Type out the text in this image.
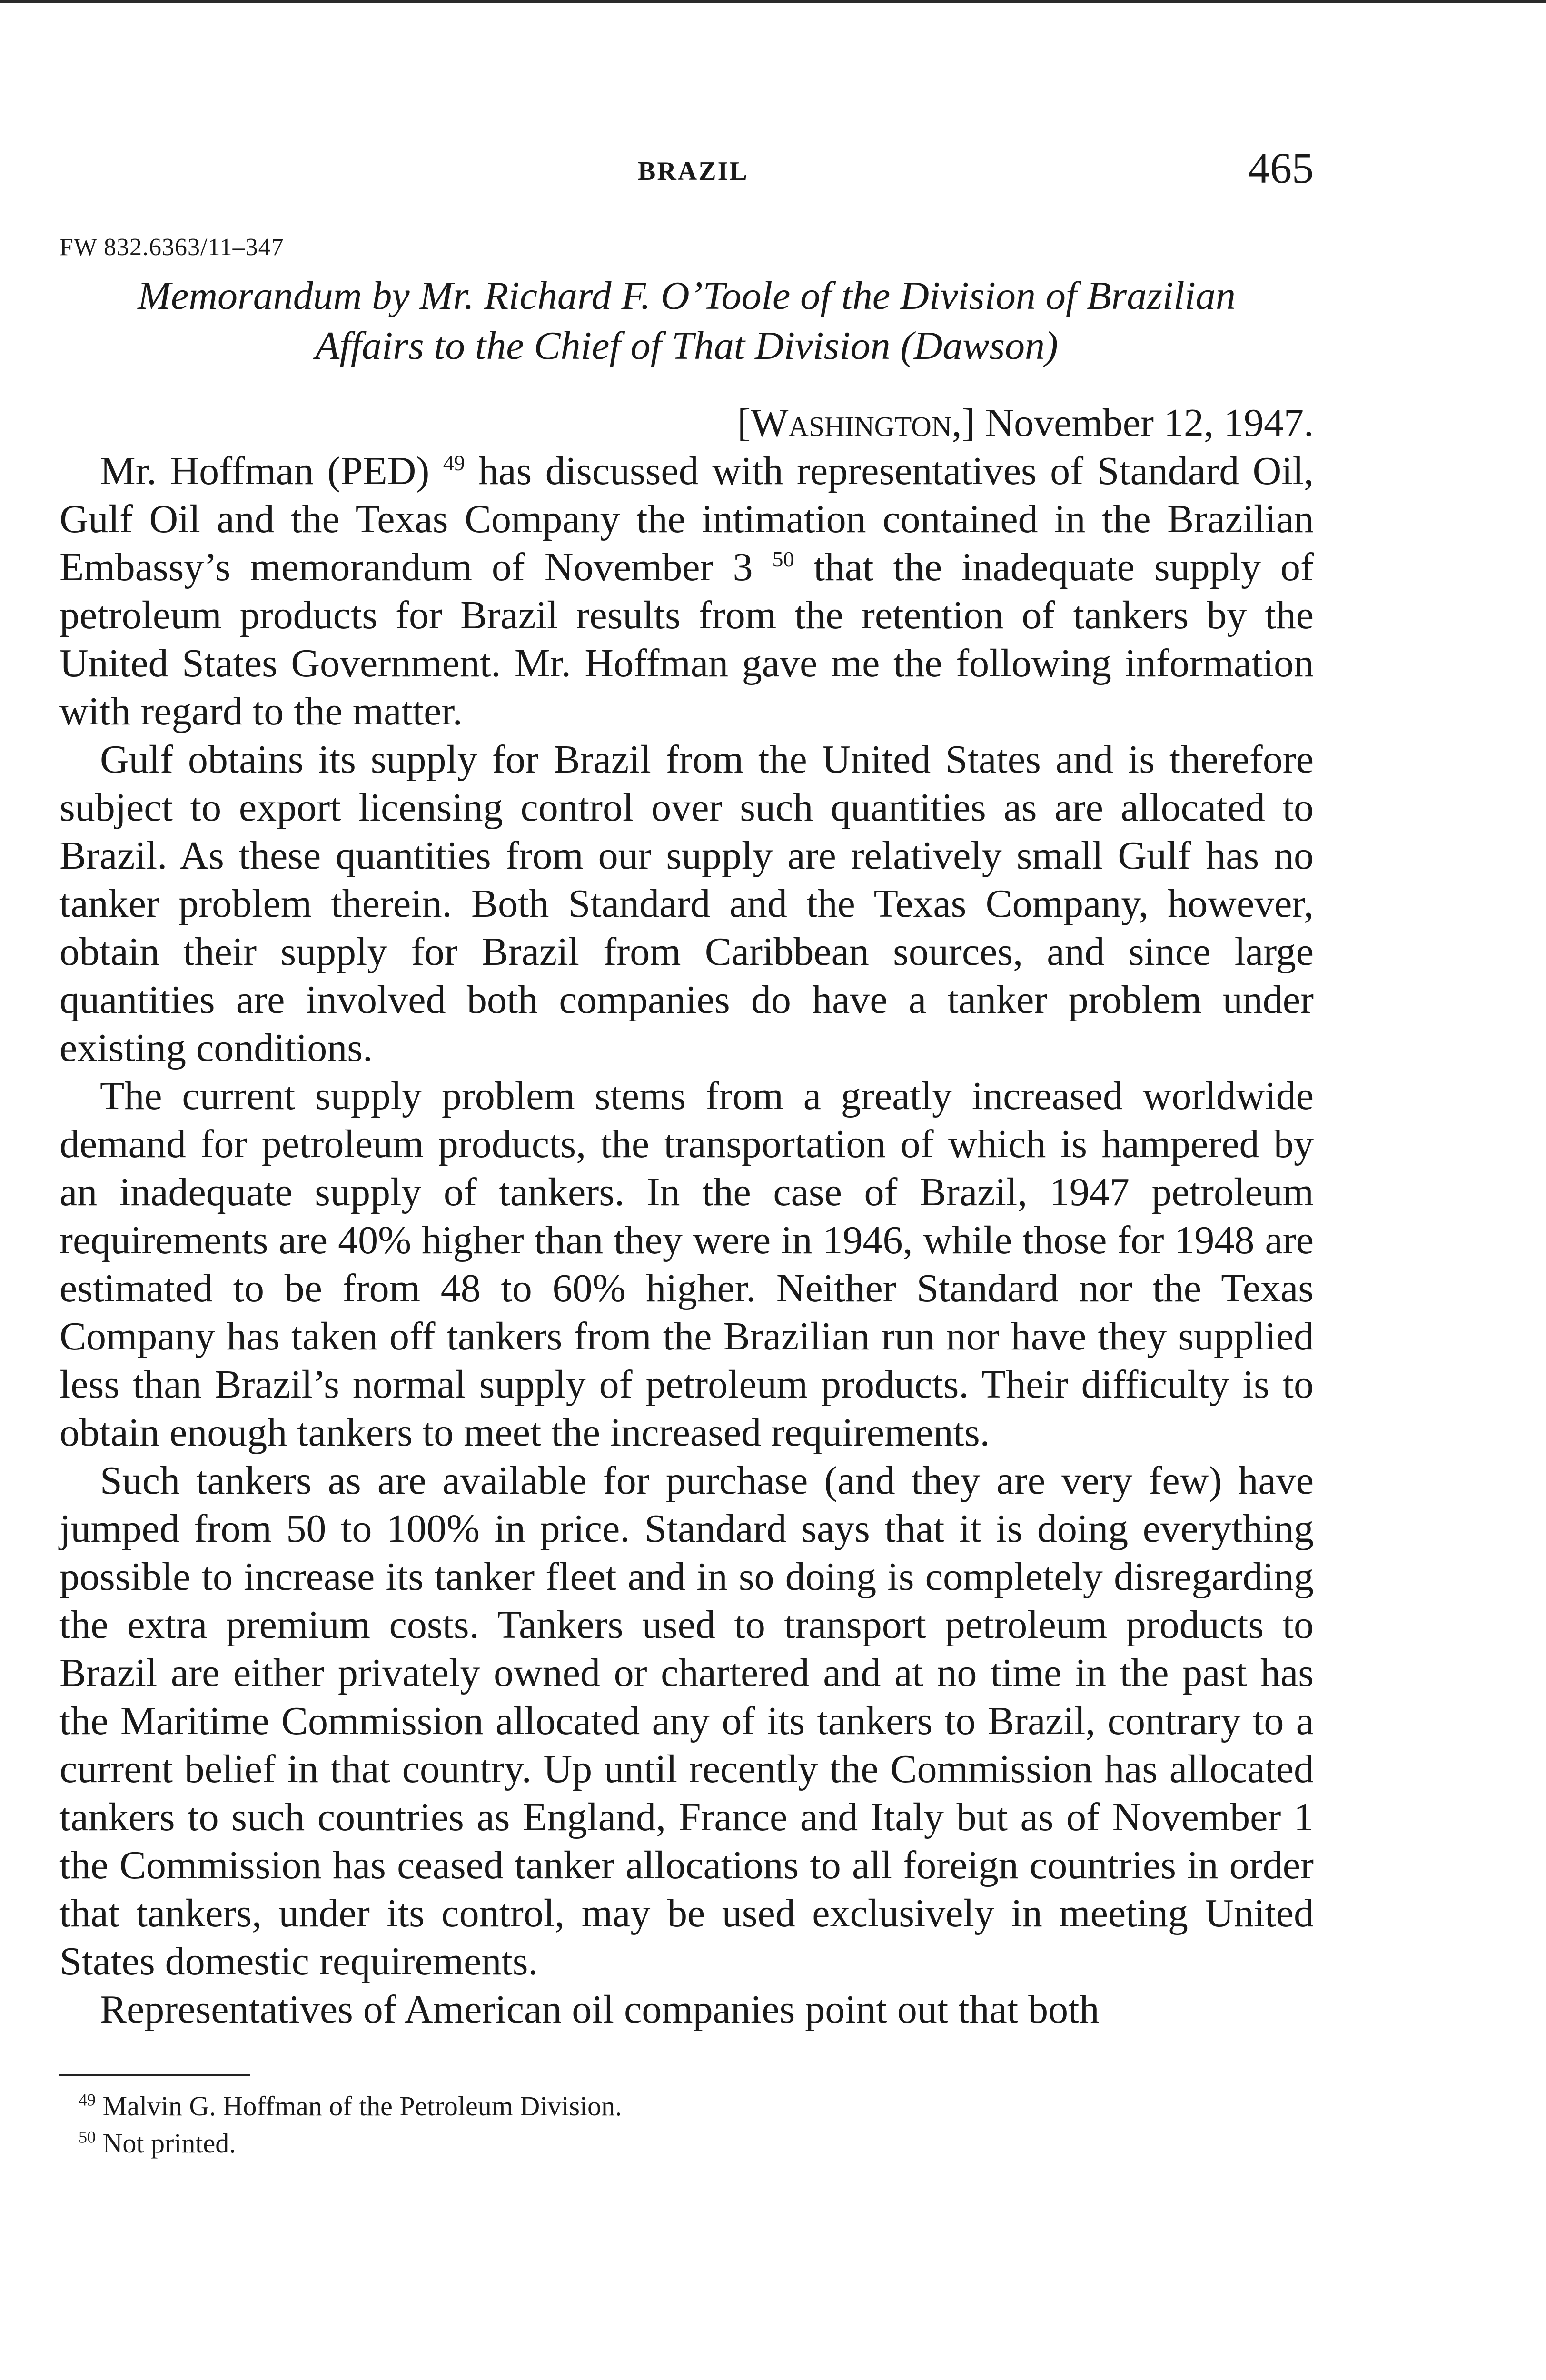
BRAZIL	465
FW 832.6363/11–347
Memorandum by Mr. Richard F. O’Toole of the Division of Brazilian
Affairs to the Chief of That Division (Dawson)
[Washington,] November 12, 1947.

Mr. Hoffman (PED) $^{49}$ has discussed with representatives of Standard Oil, Gulf Oil and the Texas Company the intimation contained in the Brazilian Embassy’s memorandum of November 3 $^{50}$ that the inadequate supply of petroleum products for Brazil results from the retention of tankers by the United States Government. Mr. Hoffman gave me the following information with regard to the matter.

Gulf obtains its supply for Brazil from the United States and is therefore subject to export licensing control over such quantities as are allocated to Brazil. As these quantities from our supply are relatively small Gulf has no tanker problem therein. Both Standard and the Texas Company, however, obtain their supply for Brazil from Caribbean sources, and since large quantities are involved both companies do have a tanker problem under existing conditions.

The current supply problem stems from a greatly increased worldwide demand for petroleum products, the transportation of which is hampered by an inadequate supply of tankers. In the case of Brazil, 1947 petroleum requirements are 40% higher than they were in 1946, while those for 1948 are estimated to be from 48 to 60% higher. Neither Standard nor the Texas Company has taken off tankers from the Brazilian run nor have they supplied less than Brazil’s normal supply of petroleum products. Their difficulty is to obtain enough tankers to meet the increased requirements.

Such tankers as are available for purchase (and they are very few) have jumped from 50 to 100% in price. Standard says that it is doing everything possible to increase its tanker fleet and in so doing is completely disregarding the extra premium costs. Tankers used to transport petroleum products to Brazil are either privately owned or chartered and at no time in the past has the Maritime Commission allocated any of its tankers to Brazil, contrary to a current belief in that country. Up until recently the Commission has allocated tankers to such countries as England, France and Italy but as of November 1 the Commission has ceased tanker allocations to all foreign countries in order that tankers, under its control, may be used exclusively in meeting United States domestic requirements.

Representatives of American oil companies point out that both

$^{49}$ Malvin G. Hoffman of the Petroleum Division.
$^{50}$ Not printed.
